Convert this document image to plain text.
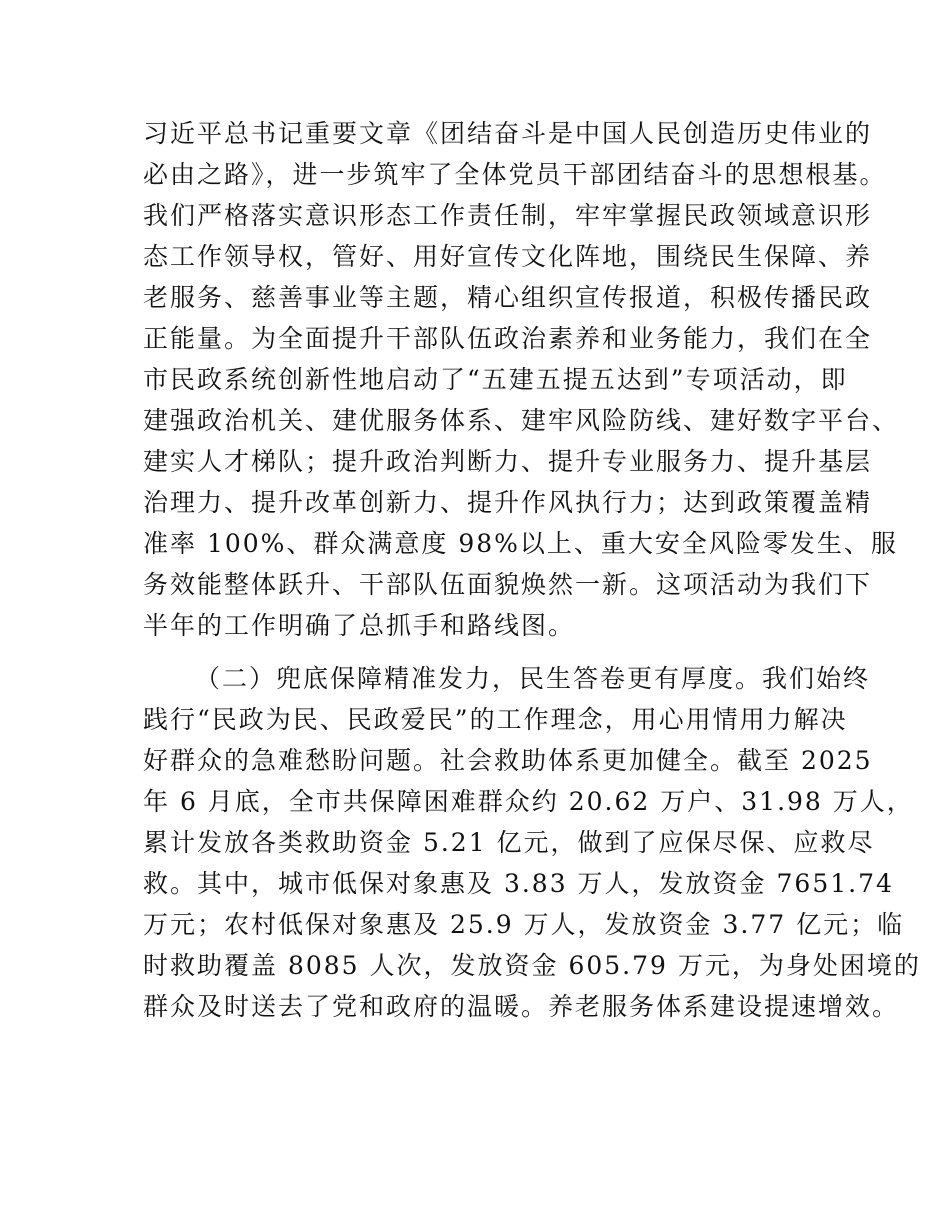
习近平总书记重要文章《团结奋斗是中国人民创造历史伟业的
必由之路》，进一步筑牢了全体党员干部团结奋斗的思想根基。
我们严格落实意识形态工作责任制，牢牢掌握民政领域意识形
态工作领导权，管好、用好宣传文化阵地，围绕民生保障、养
老服务、慈善事业等主题，精心组织宣传报道，积极传播民政
正能量。为全面提升干部队伍政治素养和业务能力，我们在全
市民政系统创新性地启动了“五建五提五达到”专项活动，即
建强政治机关、建优服务体系、建牢风险防线、建好数字平台、
建实人才梯队；提升政治判断力、提升专业服务力、提升基层
治理力、提升改革创新力、提升作风执行力；达到政策覆盖精
准率 100%、群众满意度 98%以上、重大安全风险零发生、服
务效能整体跃升、干部队伍面貌焕然一新。这项活动为我们下
半年的工作明确了总抓手和路线图。
（二）兜底保障精准发力，民生答卷更有厚度。我们始终
践行“民政为民、民政爱民”的工作理念，用心用情用力解决
好群众的急难愁盼问题。社会救助体系更加健全。截至 2025
年 6 月底，全市共保障困难群众约 20.62 万户、31.98 万人，
累计发放各类救助资金 5.21 亿元，做到了应保尽保、应救尽
救。其中，城市低保对象惠及 3.83 万人，发放资金 7651.74
万元；农村低保对象惠及 25.9 万人，发放资金 3.77 亿元；临
时救助覆盖 8085 人次，发放资金 605.79 万元，为身处困境的
群众及时送去了党和政府的温暖。养老服务体系建设提速增效。
